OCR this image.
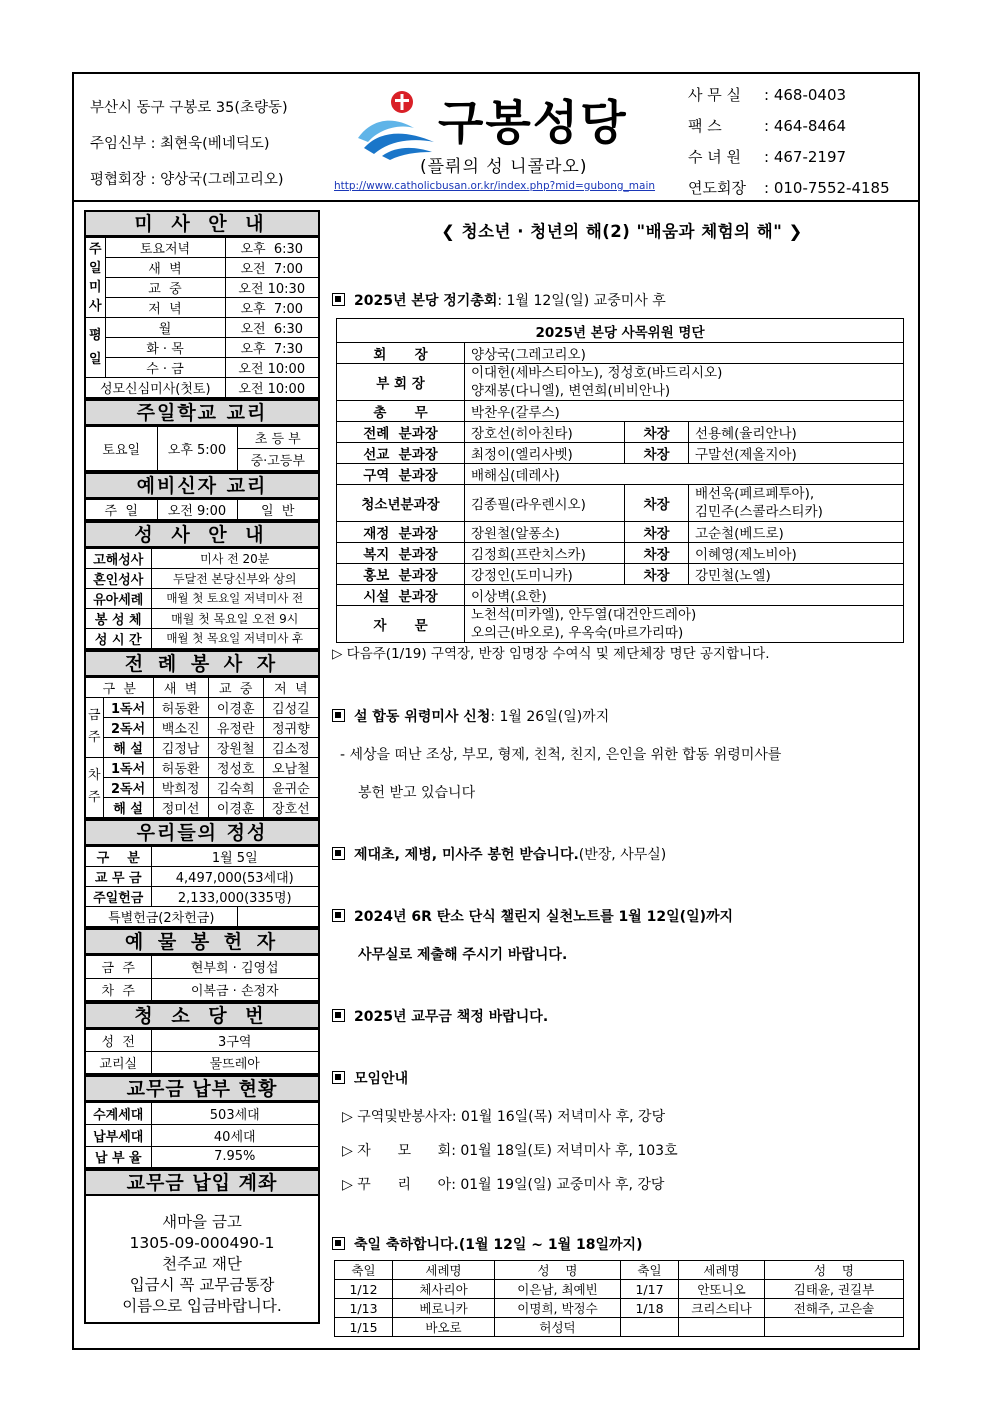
부산시 동구 구봉로 35(초량동)
주임신부 : 최현욱(베네딕도)
평협회장 : 양상국(그레고리오)
구봉성당
(플뤼의 성 니콜라오)
http://www.catholicbusan.or.kr/index.php?mid=gubong_main
사 무 실 : 468-0403
팩 스	: 464-8464
수 녀 원 : 467-2197
연도회장 : 010-7552-4185
미 사 안 내
주
일
미
사	토요저녁	오후  6:30
	새  벽	오전  7:00
	교  중	오전 10:30
	저  녁	오후  7:00
평
일	월	오전  6:30
	화 · 목	오후  7:30
	수 · 금	오전 10:00
성모신심미사(첫토)		오전 10:00
주일학교 교리
토요일	오후 5:00	초 등 부
중·고등부
예비신자 교리
주  일	오전 9:00	일  반
성 사 안 내
고해성사	미사 전 20분
혼인성사	두달전 본당신부와 상의
유아세례	매월 첫 토요일 저녁미사 전
봉 성 체	매월 첫 목요일 오전 9시
성 시 간	매월 첫 목요일 저녁미사 후
전 례 봉 사 자
구  분		새  벽	교  중	저  녁
금
주	1독서	허동환	이경훈	김성길
	2독서	백소진	유정란	정귀향
	해 설	김정남	장원철	김소정
차
주	1독서	허동환	정성호	오남철
	2독서	박희정	김숙희	윤귀순
	해 설	정미선	이경훈	장호선
우리들의 정성
구    분	1월 5일	
교 무 금	4,497,000(53세대)	
주일헌금	2,133,000(335명)	
특별헌금(2차헌금)		
예 물 봉 헌 자
금  주	현부희 · 김영섭
차  주	이복금 · 손정자
청 소 당 번
성  전	3구역
교리실	물뜨레아
교무금 납부 현황
수계세대	503세대
납부세대	40세대
납 부 율	7.95%
교무금 납입 계좌
새마을 금고
1305-09-000490-1
천주교 재단
입금시 꼭 교무금통장
이름으로 입금바랍니다.
❮ 청소년 · 청년의 해(2) "배움과 체험의 해" ❯
2025년 본당 정기총회: 1월 12일(일) 교중미사 후
2025년 본당 사목위원 명단			
회      장	양상국(그레고리오)		
부 회 장	이대헌(세바스티아노), 정성호(바드리시오)
양재봉(다니엘), 변연희(비비안나)		

총      무	박찬우(갈루스)		
전례  분과장	장호선(히아친타)	차장	선용혜(율리안나)
선교  분과장	최정이(엘리사벳)	차장	구말선(제올지아)
구역  분과장	배해심(데레사)		
청소년분과장	김종필(라우렌시오)	차장	배선욱(페르페투아),
김민주(스콜라스티카)

재정  분과장	장원철(알퐁소)	차장	고순철(베드로)
복지  분과장	김정희(프란치스카)	차장	이혜영(제노비아)
홍보  분과장	강정인(도미니카)	차장	강민철(노엘)
시설  분과장	이상벽(요한)		
자      문	노천석(미카엘), 안두열(대건안드레아)
오의근(바오로), 우옥숙(마르가리따)		
▷ 다음주(1/19) 구역장, 반장 임명장 수여식 및 제단체장 명단 공지합니다.
설 합동 위령미사 신청: 1월 26일(일)까지
- 세상을 떠난 조상, 부모, 형제, 친척, 친지, 은인을 위한 합동 위령미사를
봉헌 받고 있습니다
제대초, 제병, 미사주 봉헌 받습니다.(반장, 사무실)
2024년 6R 탄소 단식 챌린지 실천노트를 1월 12일(일)까지
사무실로 제출해 주시기 바랍니다.
2025년 교무금 책정 바랍니다.
모임안내
▷ 구역및반봉사자: 01월 16일(목) 저녁미사 후, 강당
▷ 자      모      회: 01월 18일(토) 저녁미사 후, 103호
▷ 꾸      리      아: 01월 19일(일) 교중미사 후, 강당
축일 축하합니다.(1월 12일 ~ 1월 18일까지)
축일	세례명	성    명	축일	세례명	성    명
1/12	체사리아	이은남, 최예빈	1/17	안또니오	김태윤, 권길부
1/13	베로니카	이명희, 박정수	1/18	크리스티나	전해주, 고은솔
1/15	바오로	허성덕			
